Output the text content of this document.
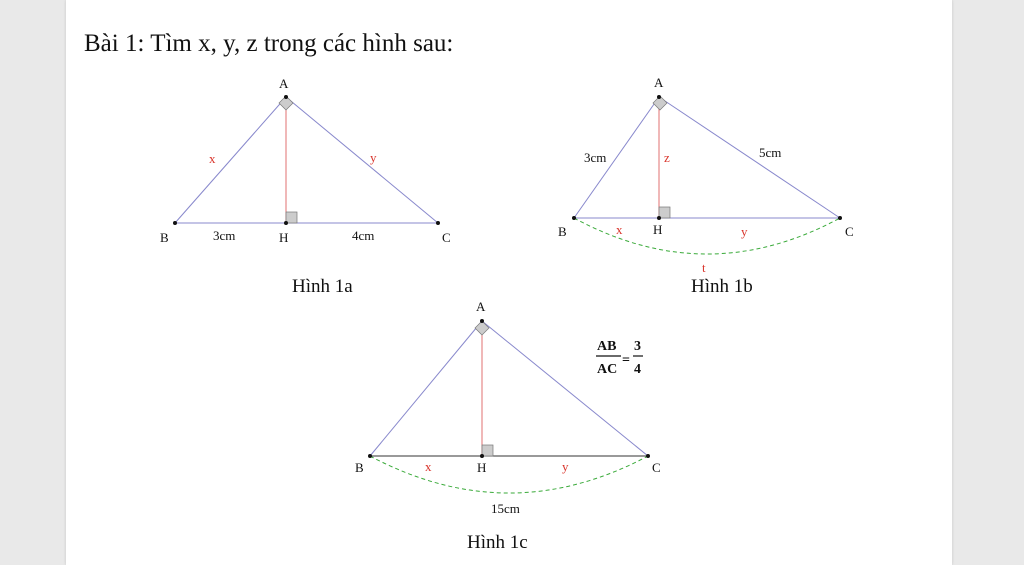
Bài 1: Tìm x, y, z trong các hình sau:
A
B	C
H
x	y
3cm	4cm
Hình 1a
A
B	C
H
3cm	5cm
z
x	y
t
Hình 1b
A
B	C
H
x	y
15cm
AB
AC
=
3
4
Hình 1c
